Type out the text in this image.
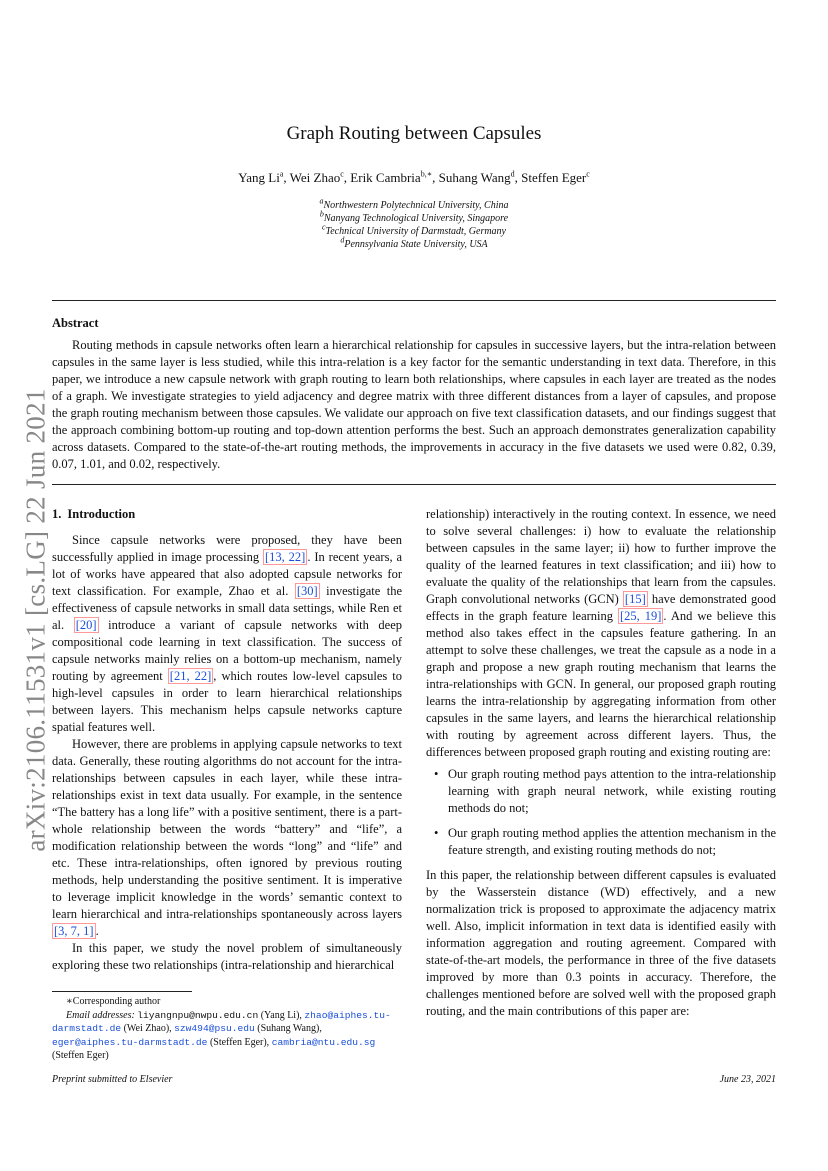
arXiv:2106.11531v1 [cs.LG] 22 Jun 2021
Graph Routing between Capsules
Yang Li$^a$, Wei Zhao$^c$, Erik Cambria$^{b,∗}$, Suhang Wang$^d$, Steffen Eger$^c$
$^a$Northwestern Polytechnical University, China
$^b$Nanyang Technological University, Singapore
$^c$Technical University of Darmstadt, Germany
$^d$Pennsylvania State University, USA
Abstract
Routing methods in capsule networks often learn a hierarchical relationship for capsules in successive layers, but the intra-relation between capsules in the same layer is less studied, while this intra-relation is a key factor for the semantic understanding in text data. Therefore, in this paper, we introduce a new capsule network with graph routing to learn both relationships, where capsules in each layer are treated as the nodes of a graph. We investigate strategies to yield adjacency and degree matrix with three different distances from a layer of capsules, and propose the graph routing mechanism between those capsules. We validate our approach on five text classification datasets, and our findings suggest that the approach combining bottom-up routing and top-down attention performs the best. Such an approach demonstrates generalization capability across datasets. Compared to the state-of-the-art routing methods, the improvements in accuracy in the five datasets we used were 0.82, 0.39, 0.07, 1.01, and 0.02, respectively.
1. Introduction

Since capsule networks were proposed, they have been successfully applied in image processing [13, 22] . In recent years, a lot of works have appeared that also adopted capsule networks for text classification. For example, Zhao et al. [30] investigate the effectiveness of capsule networks in small data settings, while Ren et al. [20] introduce a variant of capsule networks with deep compositional code learning in text classification. The success of capsule networks mainly relies on a bottom-up mechanism, namely routing by agreement [21, 22] , which routes low-level capsules to high-level capsules in order to learn hierarchical relationships between layers. This mechanism helps capsule networks capture spatial features well.

However, there are problems in applying capsule networks to text data. Generally, these routing algorithms do not account for the intra-relationships between capsules in each layer, while these intra-relationships exist in text data usually. For example, in the sentence “The battery has a long life” with a positive sentiment, there is a part-whole relationship between the words “battery” and “life”, a modification relationship between the words “long” and “life” and etc. These intra-relationships, often ignored by previous routing methods, help understanding the positive sentiment. It is imperative to leverage implicit knowledge in the words’ semantic context to learn hierarchical and intra-relationships spontaneously across layers [3, 7, 1] .

In this paper, we study the novel problem of simultaneously exploring these two relationships (intra-relationship and hierarchical

∗Corresponding author
Email addresses: liyangnpu@nwpu.edu.cn (Yang Li), zhao@aiphes.tu-darmstadt.de (Wei Zhao), szw494@psu.edu (Suhang Wang), eger@aiphes.tu-darmstadt.de (Steffen Eger), cambria@ntu.edu.sg (Steffen Eger)

relationship) interactively in the routing context. In essence, we need to solve several challenges: i) how to evaluate the relationship between capsules in the same layer; ii) how to further improve the quality of the learned features in text classification; and iii) how to evaluate the quality of the relationships that learn from the capsules. Graph convolutional networks (GCN) [15] have demonstrated good effects in the graph feature learning [25, 19] . And we believe this method also takes effect in the capsules feature gathering. In an attempt to solve these challenges, we treat the capsule as a node in a graph and propose a new graph routing mechanism that learns the intra-relationships with GCN. In general, our proposed graph routing learns the intra-relationship by aggregating information from other capsules in the same layers, and learns the hierarchical relationship with routing by agreement across different layers. Thus, the differences between proposed graph routing and existing routing are:

• Our graph routing method pays attention to the intra-relationship learning with graph neural network, while existing routing methods do not;
• Our graph routing method applies the attention mechanism in the feature strength, and existing routing methods do not;

In this paper, the relationship between different capsules is evaluated by the Wasserstein distance (WD) effectively, and a new normalization trick is proposed to approximate the adjacency matrix well. Also, implicit information in text data is identified easily with information aggregation and routing agreement. Compared with state-of-the-art models, the performance in three of the five datasets improved by more than 0.3 points in accuracy. Therefore, the challenges mentioned before are solved well with the proposed graph routing, and the main contributions of this paper are:

Preprint submitted to Elsevier	June 23, 2021
